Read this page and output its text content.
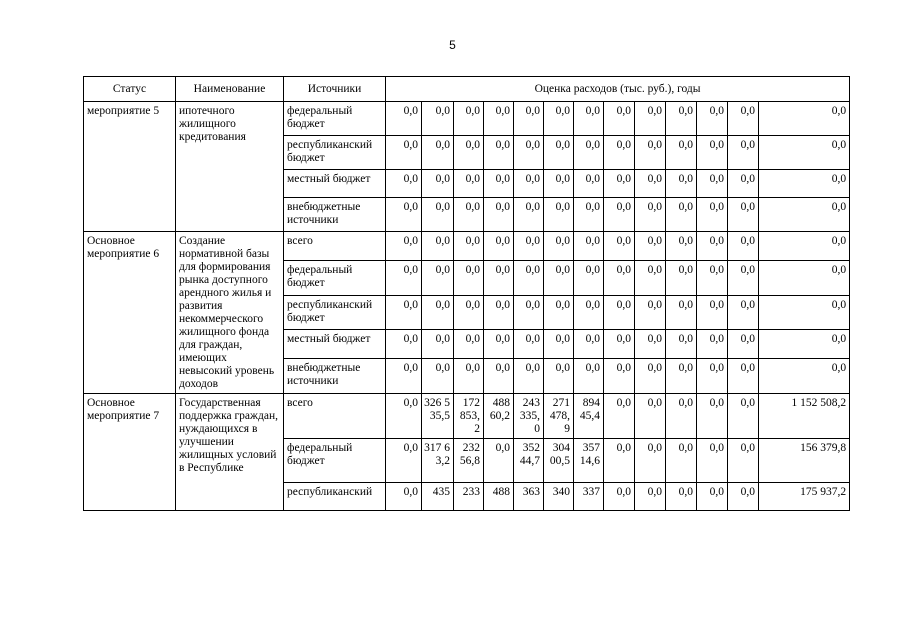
5
Статус	Наименование	Источники	Оценка расходов (тыс. руб.), годы												
мероприятие 5	ипотечного жилищного кредитования	федеральный бюджет	0,0	0,0	0,0	0,0	0,0	0,0	0,0	0,0	0,0	0,0	0,0	0,0	0,0
		республиканский бюджет	0,0	0,0	0,0	0,0	0,0	0,0	0,0	0,0	0,0	0,0	0,0	0,0	0,0
		местный бюджет	0,0	0,0	0,0	0,0	0,0	0,0	0,0	0,0	0,0	0,0	0,0	0,0	0,0
		внебюджетные источники	0,0	0,0	0,0	0,0	0,0	0,0	0,0	0,0	0,0	0,0	0,0	0,0	0,0
Основное мероприятие 6	Создание нормативной базы для формирования рынка доступного арендного жилья и развития некоммерческого жилищного фонда для граждан, имеющих невысокий уровень доходов	всего	0,0	0,0	0,0	0,0	0,0	0,0	0,0	0,0	0,0	0,0	0,0	0,0	0,0
		федеральный бюджет	0,0	0,0	0,0	0,0	0,0	0,0	0,0	0,0	0,0	0,0	0,0	0,0	0,0
		республиканский бюджет	0,0	0,0	0,0	0,0	0,0	0,0	0,0	0,0	0,0	0,0	0,0	0,0	0,0
		местный бюджет	0,0	0,0	0,0	0,0	0,0	0,0	0,0	0,0	0,0	0,0	0,0	0,0	0,0
		внебюджетные источники	0,0	0,0	0,0	0,0	0,0	0,0	0,0	0,0	0,0	0,0	0,0	0,0	0,0
Основное мероприятие 7	Государственная поддержка граждан, нуждающихся в улучшении жилищных условий в Республике	всего	0,0	326 535,5	172 853,2	488 60,2	243 335,0	271 478,9	894 45,4	0,0	0,0	0,0	0,0	0,0	1 152 508,2
		федеральный бюджет	0,0	317 63,2	232 56,8	0,0	352 44,7	304 00,5	357 14,6	0,0	0,0	0,0	0,0	0,0	156 379,8
		республиканский	0,0	435	233	488	363	340	337	0,0	0,0	0,0	0,0	0,0	175 937,2
